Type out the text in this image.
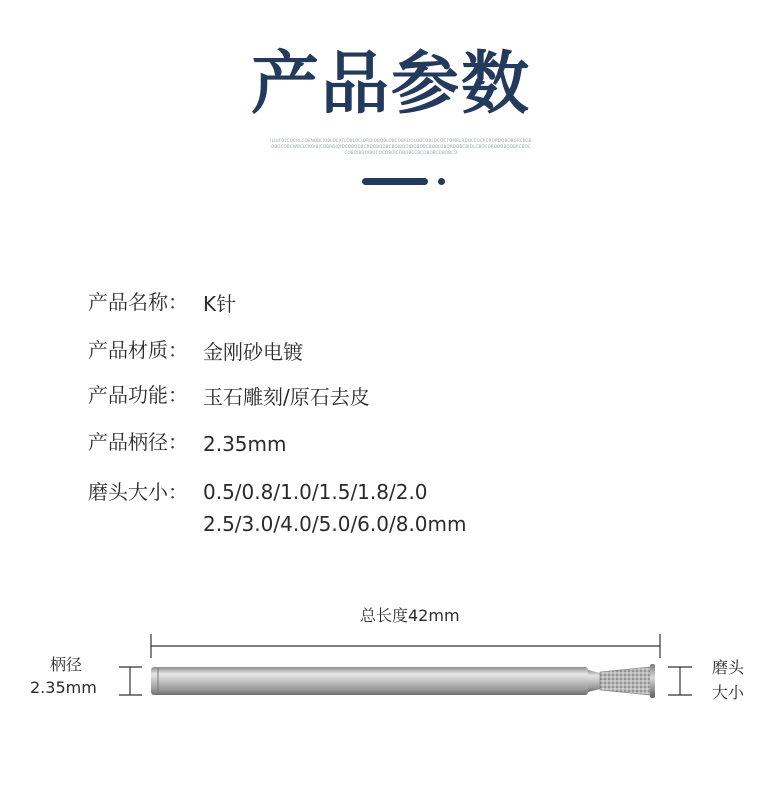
产品参数
ILIUFOLCOCRLCOENOBLIOBLOCATLOBLOCIORDIOBOBLOBCOBRDOLOBCOBLOCOCTOMRLRDOLCOCRCRORDOBOBORCKOBOBOCOBCWBCLCKOIBICOBRDIQIDCOBODBCRDOBODBCBOIBDOIDOBOBCBOBLOBORDOBCBIOLCBOCORDBOBODBRCBOCCOBOIBDOIBOCOCOBOICOBOBCCBCOBOBCOBOBCO
产品名称： K针
产品材质： 金刚砂电镀
产品功能： 玉石雕刻/原石去皮
产品柄径： 2.35mm
磨头大小： 0.5/0.8/1.0/1.5/1.8/2.0
2.5/3.0/4.0/5.0/6.0/8.0mm
总长度42mm
柄径
2.35mm
磨头
大小
